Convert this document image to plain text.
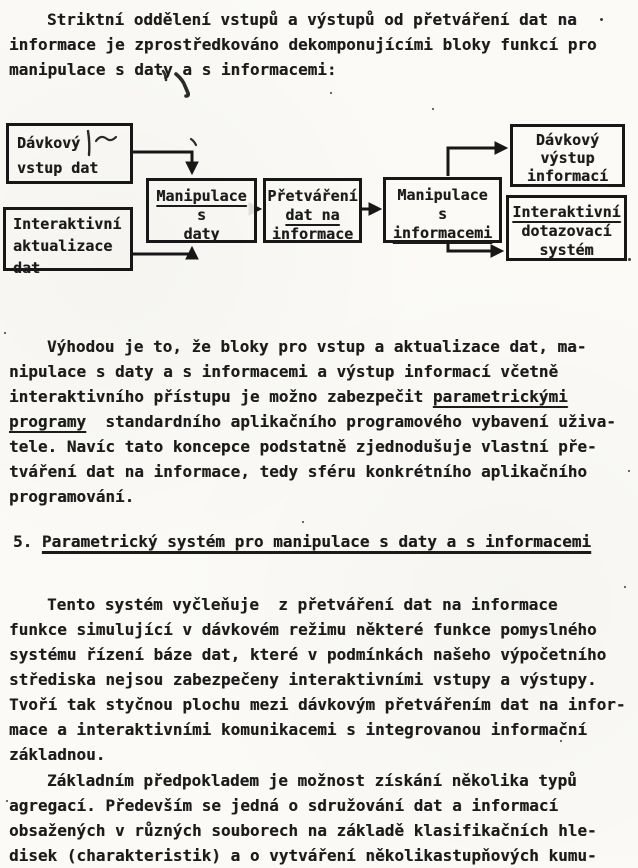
Striktní oddělení vstupů a výstupů od přetváření dat na
informace je zprostředkováno dekomponujícími bloky funkcí pro
manipulace s daty a s informacemi:
Dávkový
vstup dat
Interaktivní
aktualizace
dat
Manipulace
s
daty
Přetváření
dat na
informace
Manipulace
s
informacemi
Dávkový
výstup
informací
Interaktivní
dotazovací
systém
Výhodou je to, že bloky pro vstup a aktualizace dat, ma-
nipulace s daty a s informacemi a výstup informací včetně
interaktivního přístupu je možno zabezpečit parametrickými
programy  standardního aplikačního programového vybavení uživa-
tele. Navíc tato koncepce podstatně zjednodušuje vlastní pře-
tváření dat na informace, tedy sféru konkrétního aplikačního
programování.
5. Parametrický systém pro manipulace s daty a s informacemi
Tento systém vyčleňuje  z přetváření dat na informace
funkce simulující v dávkovém režimu některé funkce pomyslného
systému řízení báze dat, které v podmínkách našeho výpočetního
střediska nejsou zabezpečeny interaktivními vstupy a výstupy.
Tvoří tak styčnou plochu mezi dávkovým přetvářením dat na infor-
mace a interaktivními komunikacemi s integrovanou informační
základnou.
Základním předpokladem je možnost získání několika typů
agregací. Především se jedná o sdružování dat a informací
obsažených v různých souborech na základě klasifikačních hle-
disek (charakteristik) a o vytváření několikastupňových kumu-
